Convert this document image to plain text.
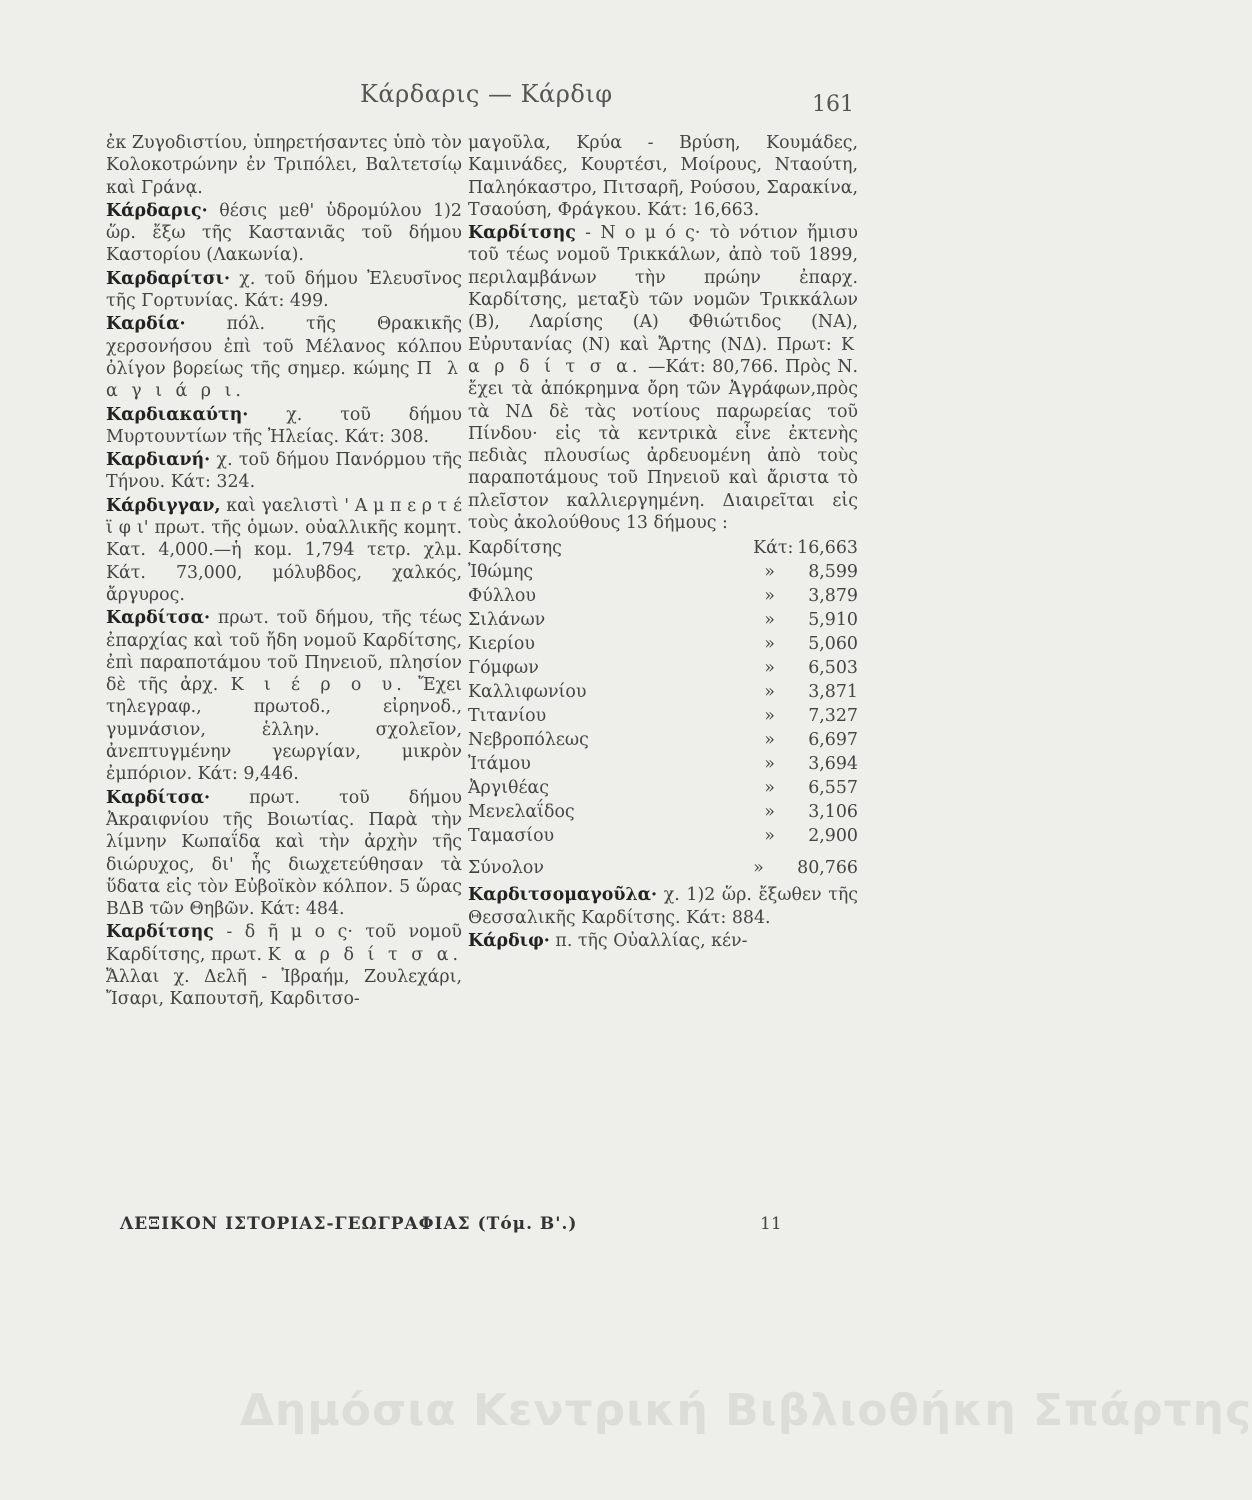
Κάρδαρις — Κάρδιφ	161

ἐκ Ζυγοδιστίου, ὑπηρετήσαντες ὑπὸ τὸν Κολοκοτρώνην ἐν Τριπόλει, Βαλτετσίῳ καὶ Γράνᾳ.

Κάρδαρις· θέσις μεθ' ὑδρομύλου 1)2 ὥρ. ἔξω τῆς Καστανιᾶς τοῦ δήμου Καστορίου (Λακωνία).

Καρδαρίτσι· χ. τοῦ δήμου Ἐλευσῖνος τῆς Γορτυνίας. Κάτ: 499.

Καρδία· πόλ. τῆς Θρακικῆς χερσονήσου ἐπὶ τοῦ Μέλανος κόλπου ὀλίγον βορείως τῆς σημερ. κώμης Π λ α γ ι ά ρ ι.

Καρδιακαύτη· χ. τοῦ δήμου Μυρτουντίων τῆς Ἠλείας. Κάτ: 308.

Καρδιανή· χ. τοῦ δήμου Πανόρμου τῆς Τήνου. Κάτ: 324.

Κάρδιγγαν, καὶ γαελιστὶ ' Α μ π ε ρ τ έ ϊ φ ι' πρωτ. τῆς ὁμων. οὐαλλικῆς κομητ. Κατ. 4,000.—ἡ κομ. 1,794 τετρ. χλμ. Κάτ. 73,000, μόλυβδος, χαλκός, ἄργυρος.

Καρδίτσα· πρωτ. τοῦ δήμου, τῆς τέως ἐπαρχίας καὶ τοῦ ἤδη νομοῦ Καρδίτσης, ἐπὶ παραποτάμου τοῦ Πηνειοῦ, πλησίον δὲ τῆς ἀρχ. Κ ι έ ρ ο υ. Ἔχει τηλεγραφ., πρωτοδ., εἰρηνοδ., γυμνάσιον, ἑλλην. σχολεῖον, ἀνεπτυγμένην γεωργίαν, μικρὸν ἐμπόριον. Κάτ: 9,446.

Καρδίτσα· πρωτ. τοῦ δήμου Ἀκραιφνίου τῆς Βοιωτίας. Παρὰ τὴν λίμνην Κωπαΐδα καὶ τὴν ἀρχὴν τῆς διώρυχος, δι' ἧς διωχετεύθησαν τὰ ὕδατα εἰς τὸν Εὐβοϊκὸν κόλπον. 5 ὥρας ΒΔΒ τῶν Θηβῶν. Κάτ: 484.

Καρδίτσης - δ ῆ μ ο ς· τοῦ νομοῦ Καρδίτσης, πρωτ. Κ α ρ δ ί τ σ α. Ἄλλαι χ. Δελῆ - Ἰβραήμ, Ζουλεχάρι, Ἴσαρι, Καπουτσῆ, Καρδιτσο-

μαγοῦλα, Κρύα - Βρύση, Κουμάδες, Καμινάδες, Κουρτέσι, Μοίρους, Νταούτη, Παληόκαστρο, Πιτσαρῆ, Ρούσου, Σαρακίνα, Τσαούση, Φράγκου. Κάτ: 16,663.

Καρδίτσης - Ν ο μ ό ς· τὸ νότιον ἥμισυ τοῦ τέως νομοῦ Τρικκάλων, ἀπὸ τοῦ 1899, περιλαμβάνων τὴν πρώην ἐπαρχ. Καρδίτσης, μεταξὺ τῶν νομῶν Τρικκάλων (Β), Λαρίσης (Α) Φθιώτιδος (ΝΑ), Εὐρυτανίας (Ν) καὶ Ἄρτης (ΝΔ). Πρωτ: Κ α ρ δ ί τ σ α. —Κάτ: 80,766. Πρὸς Ν. ἔχει τὰ ἀπόκρημνα ὄρη τῶν Ἀγράφων,πρὸς τὰ ΝΔ δὲ τὰς νοτίους παρωρείας τοῦ Πίνδου· εἰς τὰ κεντρικὰ εἶνε ἐκτενὴς πεδιὰς πλουσίως ἀρδευομένη ἀπὸ τοὺς παραποτάμους τοῦ Πηνειοῦ καὶ ἄριστα τὸ πλεῖστον καλλιεργημένη. Διαιρεῖται εἰς τοὺς ἀκολούθους 13 δήμους :

Καρδίτσης	Κάτ: 16,663
Ἰθώμης	» 8,599
Φύλλου	» 3,879
Σιλάνων	» 5,910
Κιερίου	» 5,060
Γόμφων	» 6,503
Καλλιφωνίου	» 3,871
Τιτανίου	» 7,327
Νεβροπόλεως	» 6,697
Ἰτάμου	» 3,694
Ἀργιθέας	» 6,557
Μενελαΐδος	» 3,106
Ταμασίου	» 2,900
Σύνολον	» 80,766

Καρδιτσομαγοῦλα· χ. 1)2 ὥρ. ἔξωθεν τῆς Θεσσαλικῆς Καρδίτσης. Κάτ: 884.

Κάρδιφ· π. τῆς Οὐαλλίας, κέν-

ΛΕΞΙΚΟΝ ΙΣΤΟΡΙΑΣ-ΓΕΩΓΡΑΦΙΑΣ (Τόμ. Β'.)	11
Δημόσια Κεντρική Βιβλιοθήκη Σπάρτης
